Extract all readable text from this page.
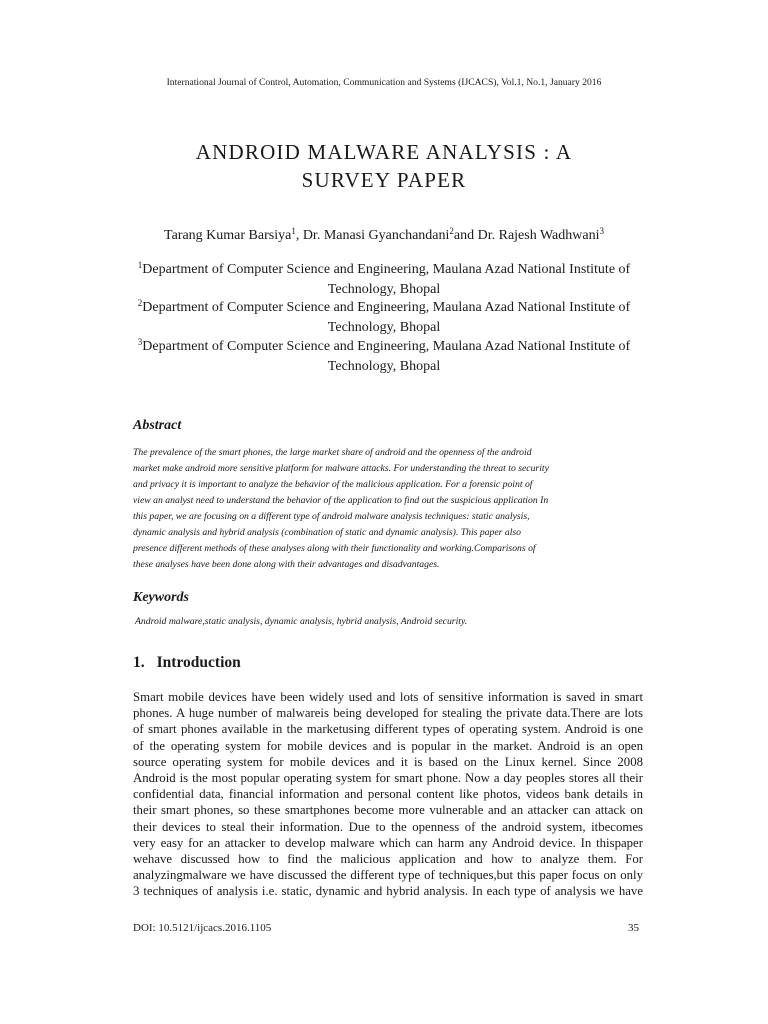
International Journal of Control, Automation, Communication and Systems (IJCACS), Vol.1, No.1, January 2016
ANDROID MALWARE ANALYSIS : A
SURVEY PAPER
Tarang Kumar Barsiya$^1$, Dr. Manasi Gyanchandani$^2$and Dr. Rajesh Wadhwani$^3$
$^1$Department of Computer Science and Engineering, Maulana Azad National Institute of
Technology, Bhopal
$^2$Department of Computer Science and Engineering, Maulana Azad National Institute of
Technology, Bhopal
$^3$Department of Computer Science and Engineering, Maulana Azad National Institute of
Technology, Bhopal
Abstract
The prevalence of the smart phones, the large market share of android and the openness of the android
market make android more sensitive platform for malware attacks. For understanding the threat to security
and privacy it is important to analyze the behavior of the malicious application. For a forensic point of
view an analyst need to understand the behavior of the application to find out the suspicious application In
this paper, we are focusing on a different type of android malware analysis techniques: static analysis,
dynamic analysis and hybrid analysis (combination of static and dynamic analysis). This paper also
presence different methods of these analyses along with their functionality and working.Comparisons of
these analyses have been done along with their advantages and disadvantages.
Keywords
Android malware,static analysis, dynamic analysis, hybrid analysis, Android security.
1. Introduction
Smart mobile devices have been widely used and lots of sensitive information is saved in smart
phones. A huge number of malwareis being developed for stealing the private data.There are lots
of smart phones available in the marketusing different types of operating system. Android is one
of the operating system for mobile devices and is popular in the market. Android is an open
source operating system for mobile devices and it is based on the Linux kernel. Since 2008
Android is the most popular operating system for smart phone. Now a day peoples stores all their
confidential data, financial information and personal content like photos, videos bank details in
their smart phones, so these smartphones become more vulnerable and an attacker can attack on
their devices to steal their information. Due to the openness of the android system, itbecomes
very easy for an attacker to develop malware which can harm any Android device. In thispaper
wehave discussed how to find the malicious application and how to analyze them. For
analyzingmalware we have discussed the different type of techniques,but this paper focus on only
3 techniques of analysis i.e. static, dynamic and hybrid analysis. In each type of analysis we have
DOI: 10.5121/ijcacs.2016.1105	35
